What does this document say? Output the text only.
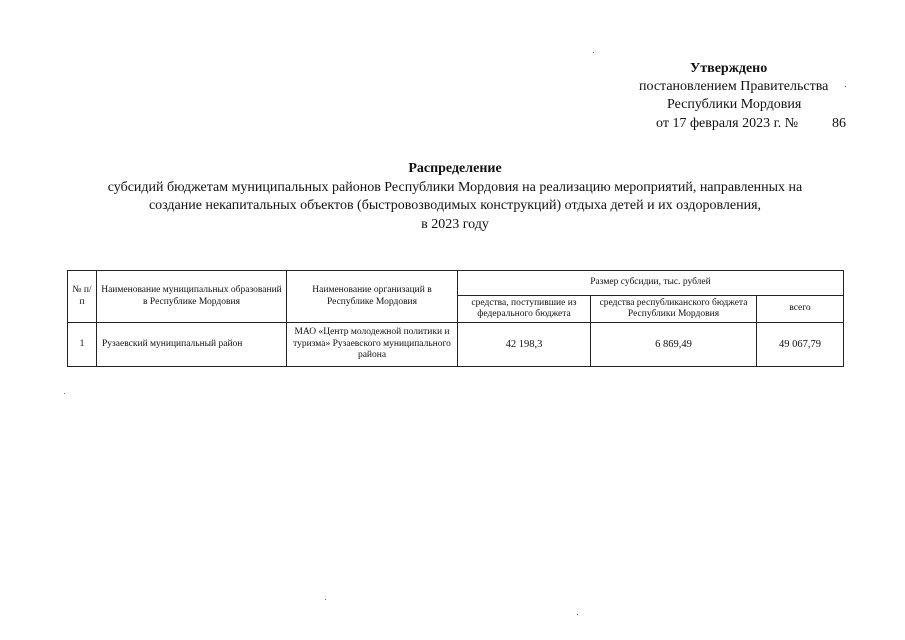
Утверждено
постановлением Правительства
Республики Мордовия
от 17 февраля 2023 г. № 86
Распределение
субсидий бюджетам муниципальных районов Республики Мордовия на реализацию мероприятий, направленных на
создание некапитальных объектов (быстровозводимых конструкций) отдыха детей и их оздоровления,
в 2023 году
№ п/п	Наименование муниципальных образований в Республике Мордовия	Наименование организаций в Республике Мордовия	Размер субсидии, тыс. рублей		
			средства, поступившие из федерального бюджета	средства республиканского бюджета Республики Мордовия	всего
1	Рузаевский муниципальный район	МАО «Центр молодежной политики и туризма» Рузаевского муниципального района	42 198,3	6 869,49	49 067,79
